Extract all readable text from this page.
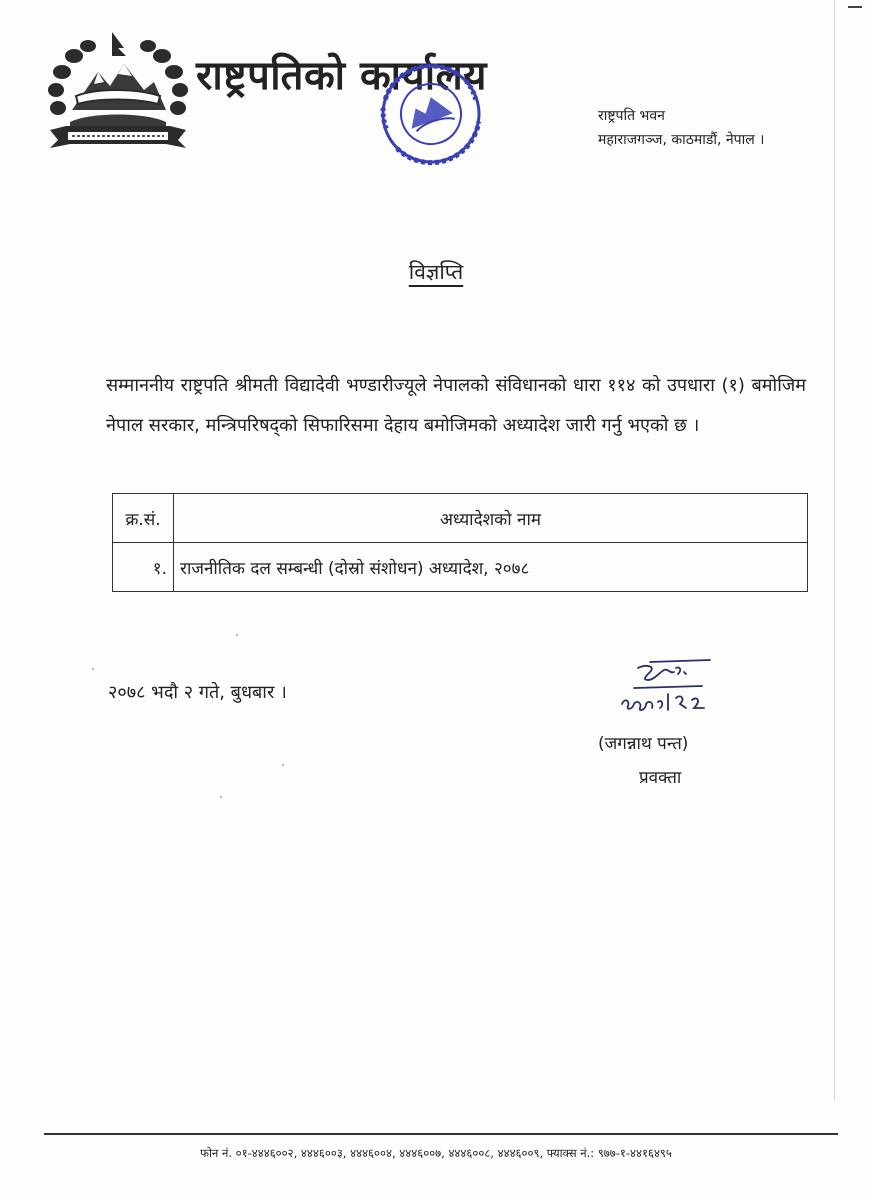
राष्ट्रपतिको कार्यालय
राष्ट्रपति भवन
महाराजगञ्ज, काठमाडौं, नेपाल ।
विज्ञप्ति
सम्माननीय राष्ट्रपति श्रीमती विद्यादेवी भण्डारीज्यूले नेपालको संविधानको धारा ११४ को उपधारा (१) बमोजिम नेपाल सरकार, मन्त्रिपरिषद्को सिफारिसमा देहाय बमोजिमको अध्यादेश जारी गर्नु भएको छ ।
क्र.सं.	अध्यादेशको नाम
१.	राजनीतिक दल सम्बन्धी (दोस्रो संशोधन) अध्यादेश, २०७८
२०७८ भदौ २ गते, बुधबार ।
(जगन्नाथ पन्त)
प्रवक्ता
फोन नं. ०१-४४४६००२, ४४४६००३, ४४४६००४, ४४४६००७, ४४४६००८, ४४४६००९, फ्याक्स नं.: ९७७-१-४४१६४९५
